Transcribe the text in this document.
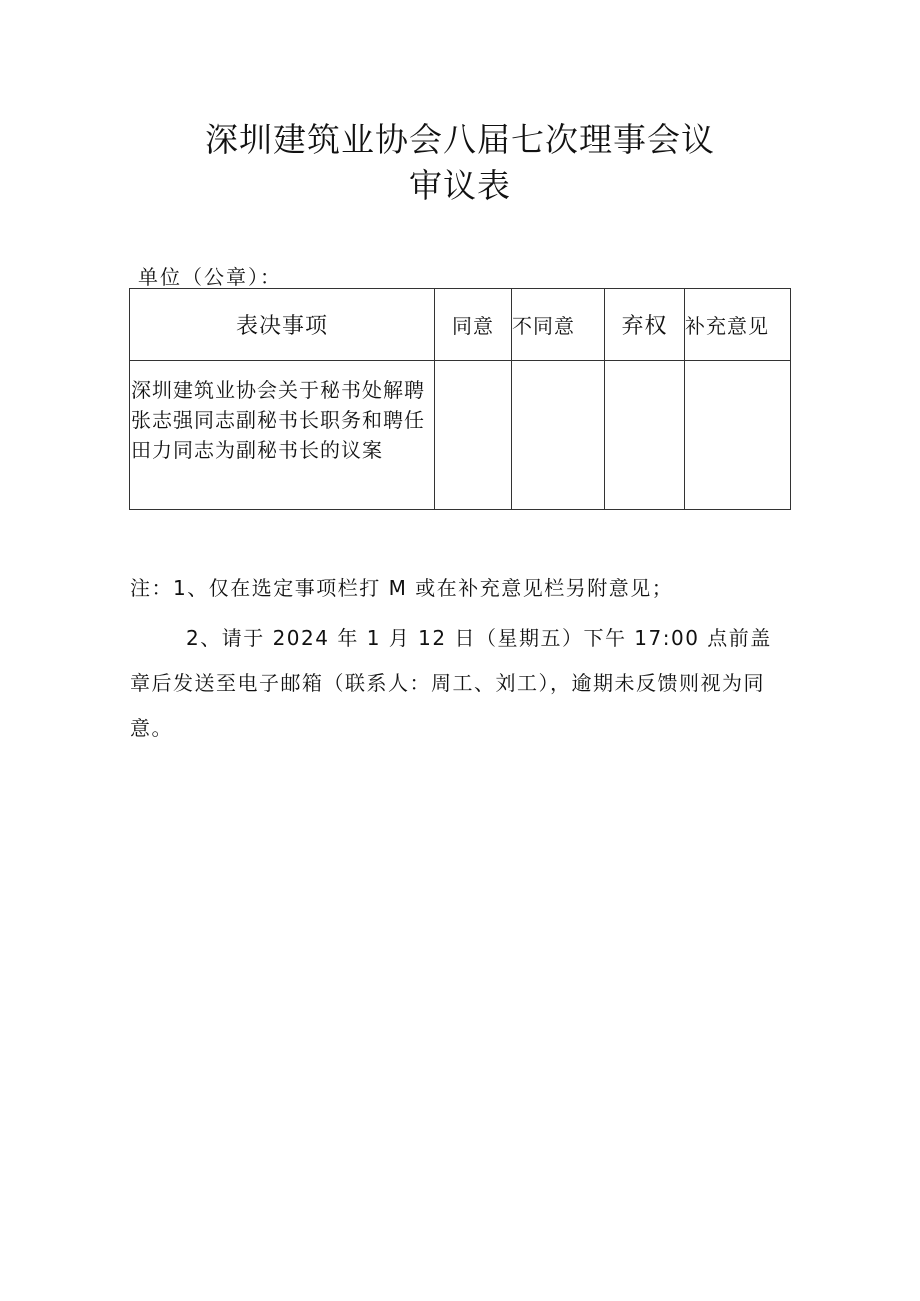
深圳建筑业协会八届七次理事会议
审议表
单位（公章）：
表决事项	同意	不同意	弃权	补充意见

深圳建筑业协会关于秘书处解聘张志强同志副秘书长职务和聘任田力同志为副秘书长的议案				

注：1、仅在选定事项栏打 M 或在补充意见栏另附意见；

2、请于 2024 年 1 月 12 日（星期五）下午 17:00 点前盖章后发送至电子邮箱（联系人：周工、刘工），逾期未反馈则视为同意。
